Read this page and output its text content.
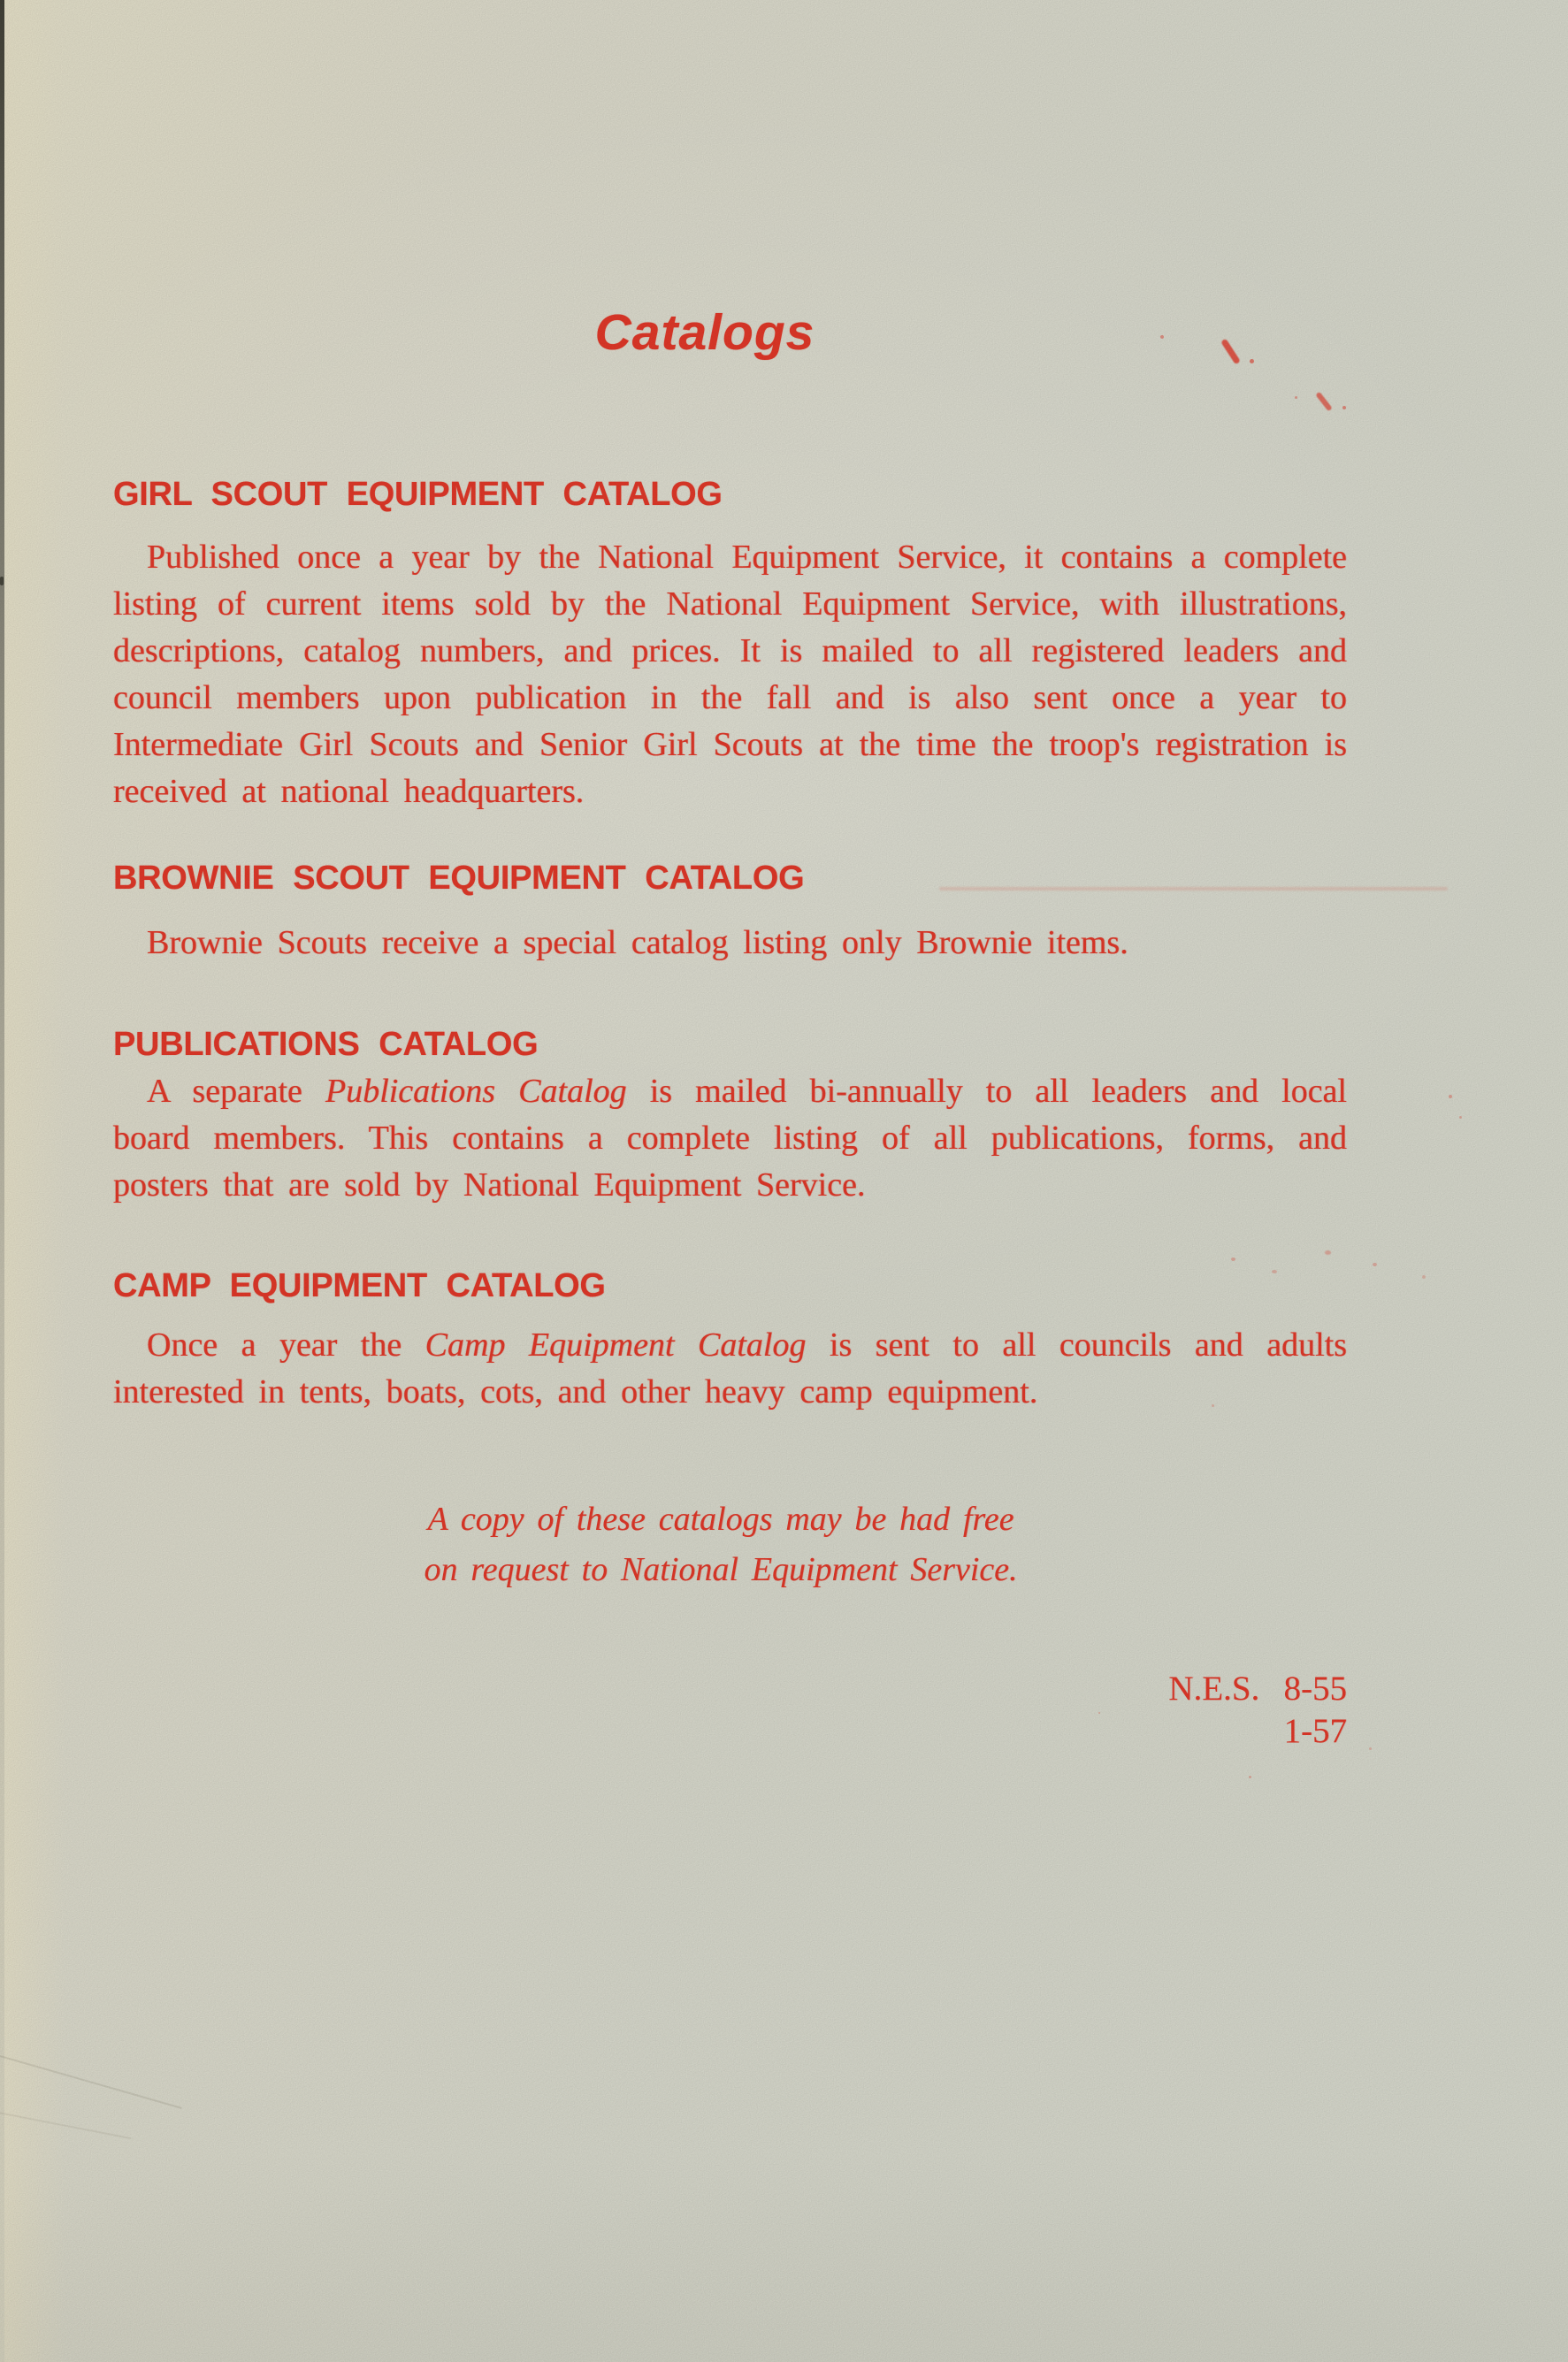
Catalogs
GIRL SCOUT EQUIPMENT CATALOG

Published once a year by the National Equipment Service, it contains a complete listing of current items sold by the National Equipment Service, with illustrations, descriptions, catalog numbers, and prices. It is mailed to all registered leaders and council members upon publication in the fall and is also sent once a year to Intermediate Girl Scouts and Senior Girl Scouts at the time the troop's registration is received at national headquarters.

BROWNIE SCOUT EQUIPMENT CATALOG

Brownie Scouts receive a special catalog listing only Brownie items.

PUBLICATIONS CATALOG

A separate Publications Catalog is mailed bi-annually to all leaders and local board members. This contains a complete listing of all publications, forms, and posters that are sold by National Equipment Service.

CAMP EQUIPMENT CATALOG

Once a year the Camp Equipment Catalog is sent to all councils and adults interested in tents, boats, cots, and other heavy camp equipment.

A copy of these catalogs may be had free
on request to National Equipment Service.
N.E.S. 8-55
1-57
